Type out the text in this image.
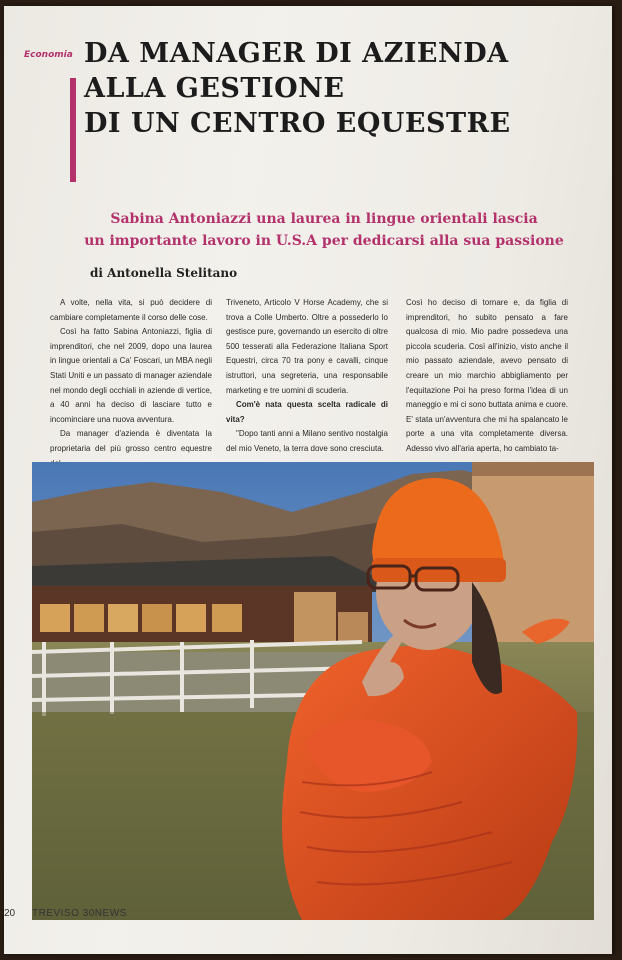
Economia DA MANAGER DI AZIENDA
ALLA GESTIONE
DI UN CENTRO EQUESTRE
Sabina Antoniazzi una laurea in lingue orientali lascia
un importante lavoro in U.S.A per dedicarsi alla sua passione
di Antonella Stelitano

A volte, nella vita, si può decidere di cambiare completamente il corso delle cose.

Così ha fatto Sabina Antoniazzi, figlia di imprenditori, che nel 2009, dopo una laurea in lingue orientali a Ca' Foscari, un MBA negli Stati Uniti e un passato di manager aziendale nel mondo degli occhiali in aziende di vertice, a 40 anni ha deciso di lasciare tutto e incominciare una nuova avventura.

Da manager d'azienda è diventata la proprietaria del più grosso centro equestre

Triveneto, Articolo V Horse Academy, che si trova a Colle Umberto. Oltre a possederlo lo gestisce pure, governando un esercito di oltre 500 tesserati alla Federazione Italiana Sport Equestri, circa 70 tra pony e cavalli, cinque istruttori, una segreteria, una responsabile marketing e tre uomini di scuderia.

Com'è nata questa scelta radicale di vita?

"Dopo tanti anni a Milano sentivo nostalgia del mio Veneto, la terra dove sono cresciuta.

Così ho deciso di tornare e, da figlia di imprenditori, ho subito pensato a fare qualcosa di mio. Mio padre possedeva una piccola scuderia. Così all'inizio, visto anche il mio passato aziendale, avevo pensato di creare un mio marchio abbigliamento per l'equitazione Poi ha preso forma l'idea di un maneggio e mi ci sono buttata anima e cuore. E' stata un'avventura che mi ha spalancato le porte a una vita completamente diversa. Adesso vivo all'aria aperta, ho cambiato ta-

20 TREVISO 30NEWS
